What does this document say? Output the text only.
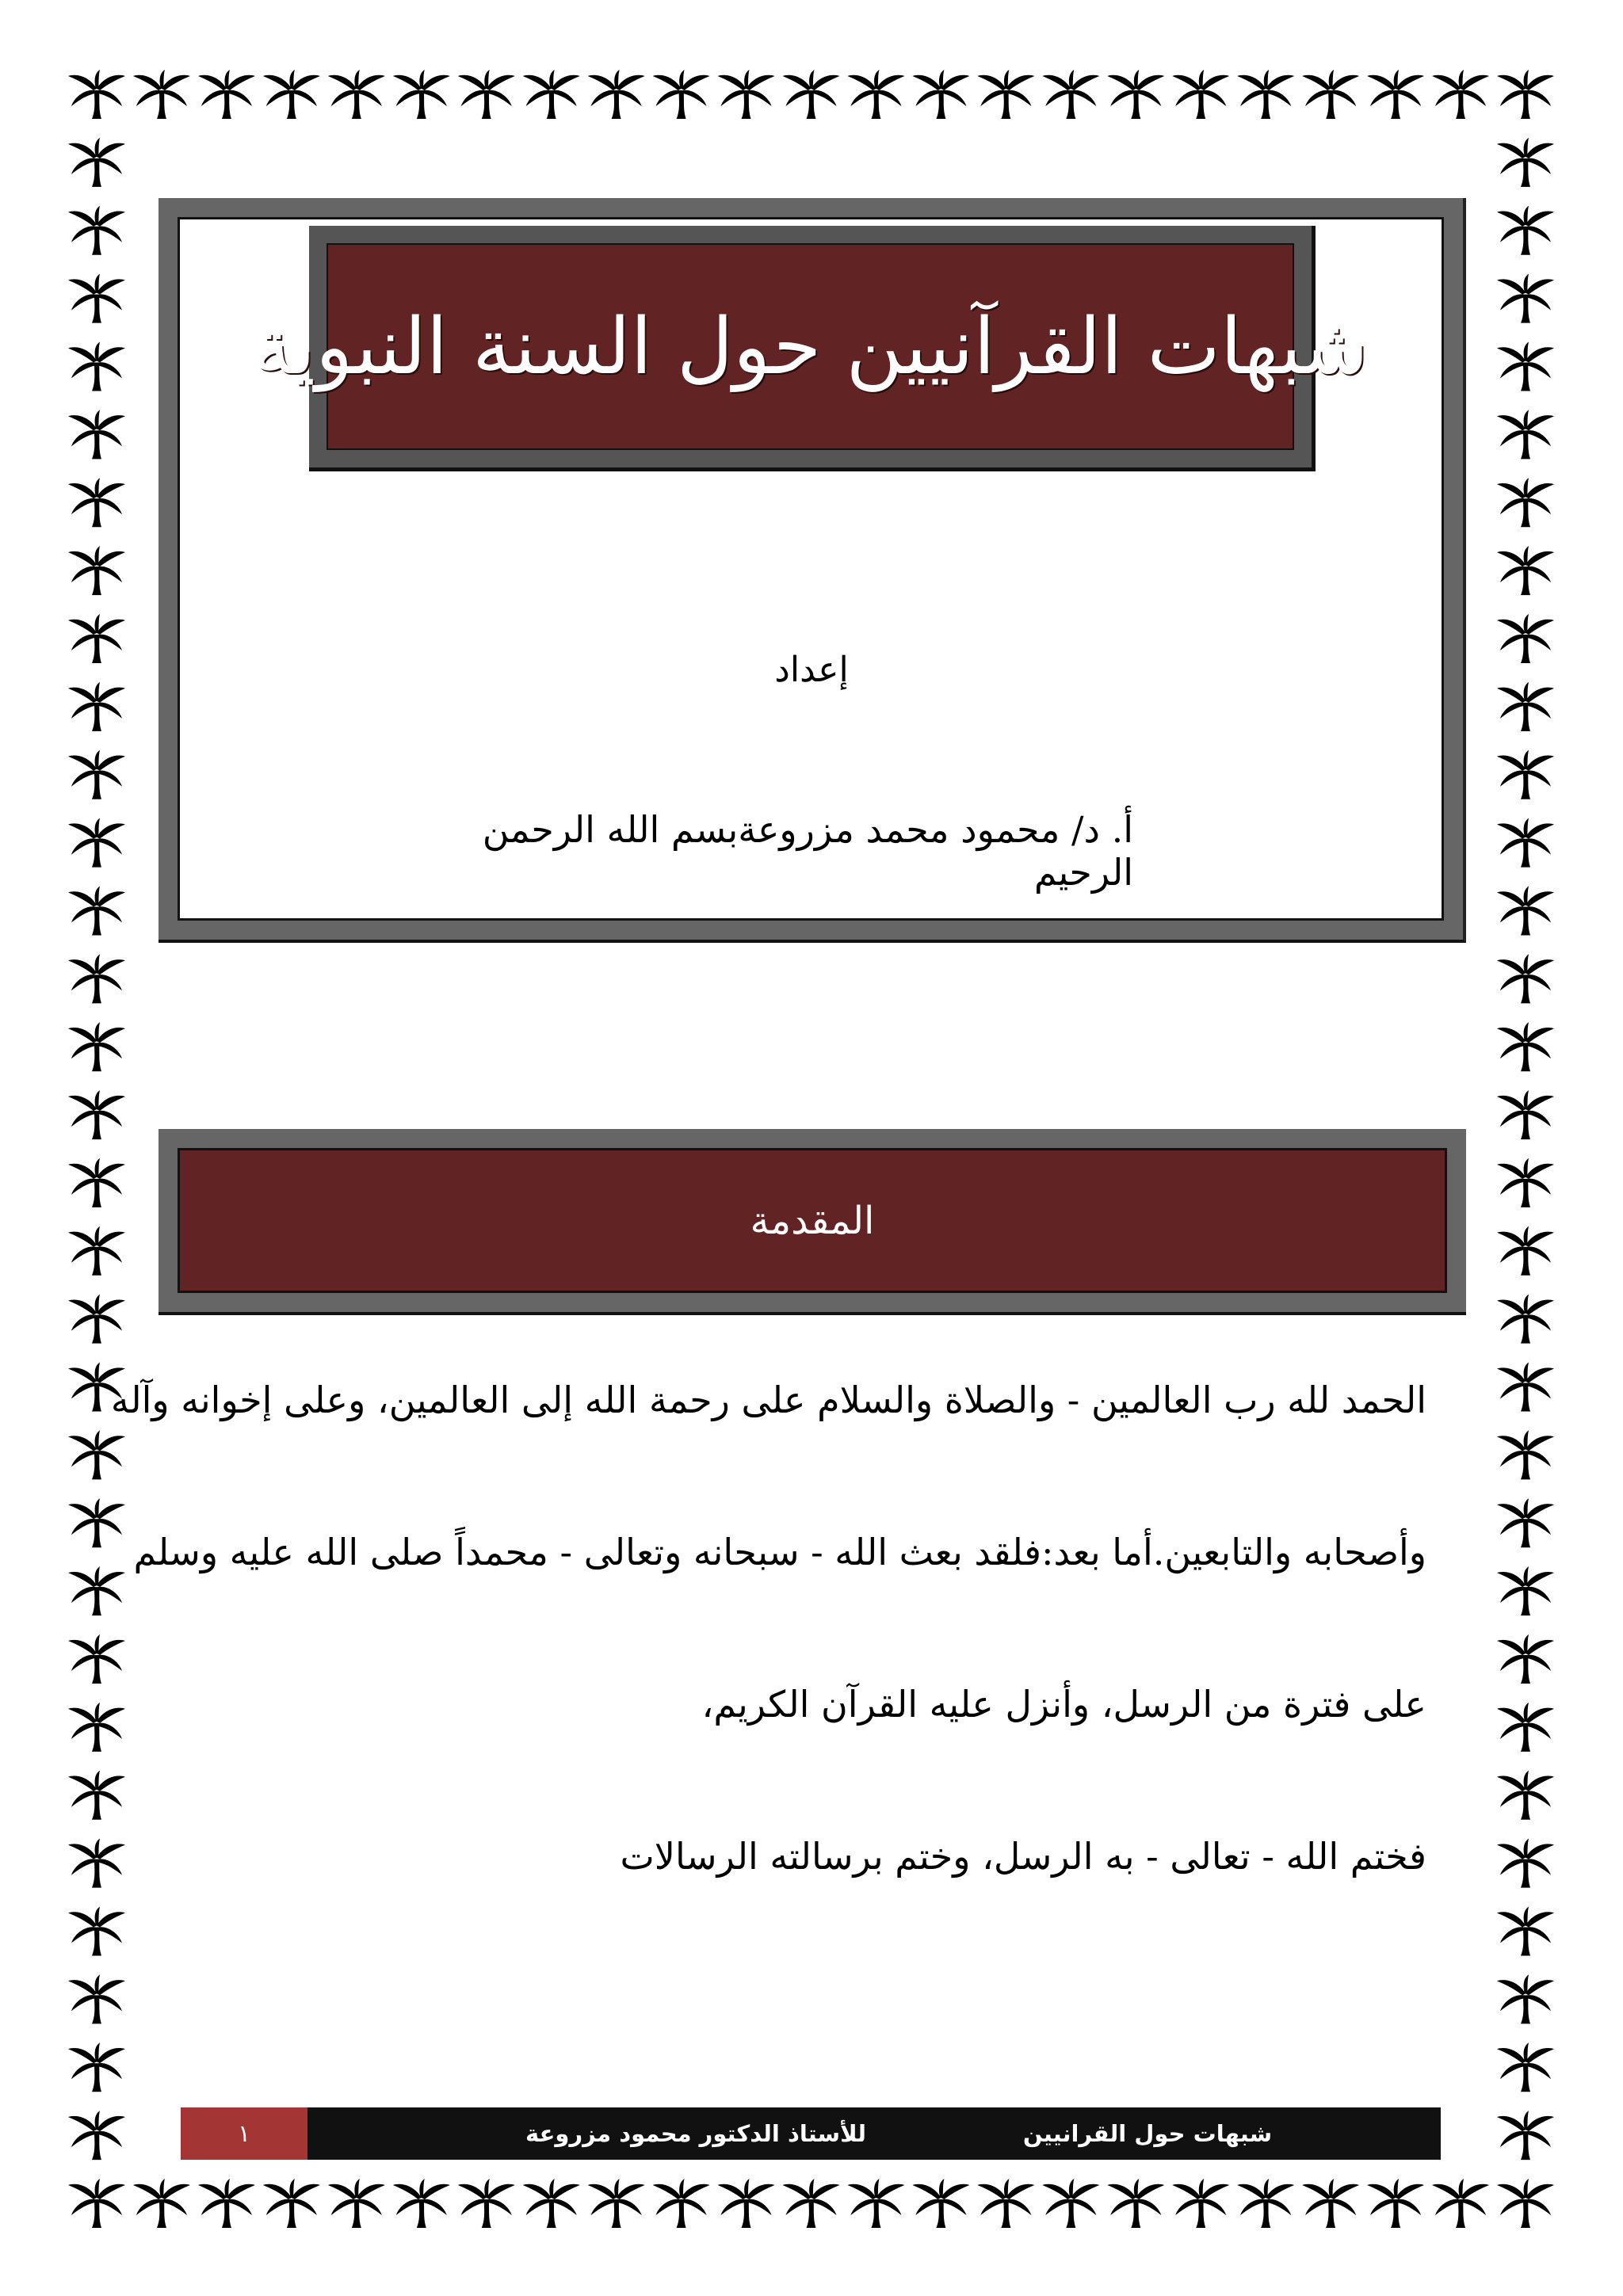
شبهات القرآنيين حول السنة النبوية
إعداد
أ. د/ محمود محمد مزروعةبسم الله الرحمن الرحيم
المقدمة
الحمد لله رب العالمين - والصلاة والسلام على رحمة الله إلى العالمين، وعلى إخوانه وآله
وأصحابه والتابعين.أما بعد:فلقد بعث الله - سبحانه وتعالى - محمداً صلى الله عليه وسلم
على فترة من الرسل، وأنزل عليه القرآن الكريم،
فختم الله - تعالى - به الرسل، وختم برسالته الرسالات
١	للأستاذ الدكتور محمود مزروعة	شبهات حول القرانيين
